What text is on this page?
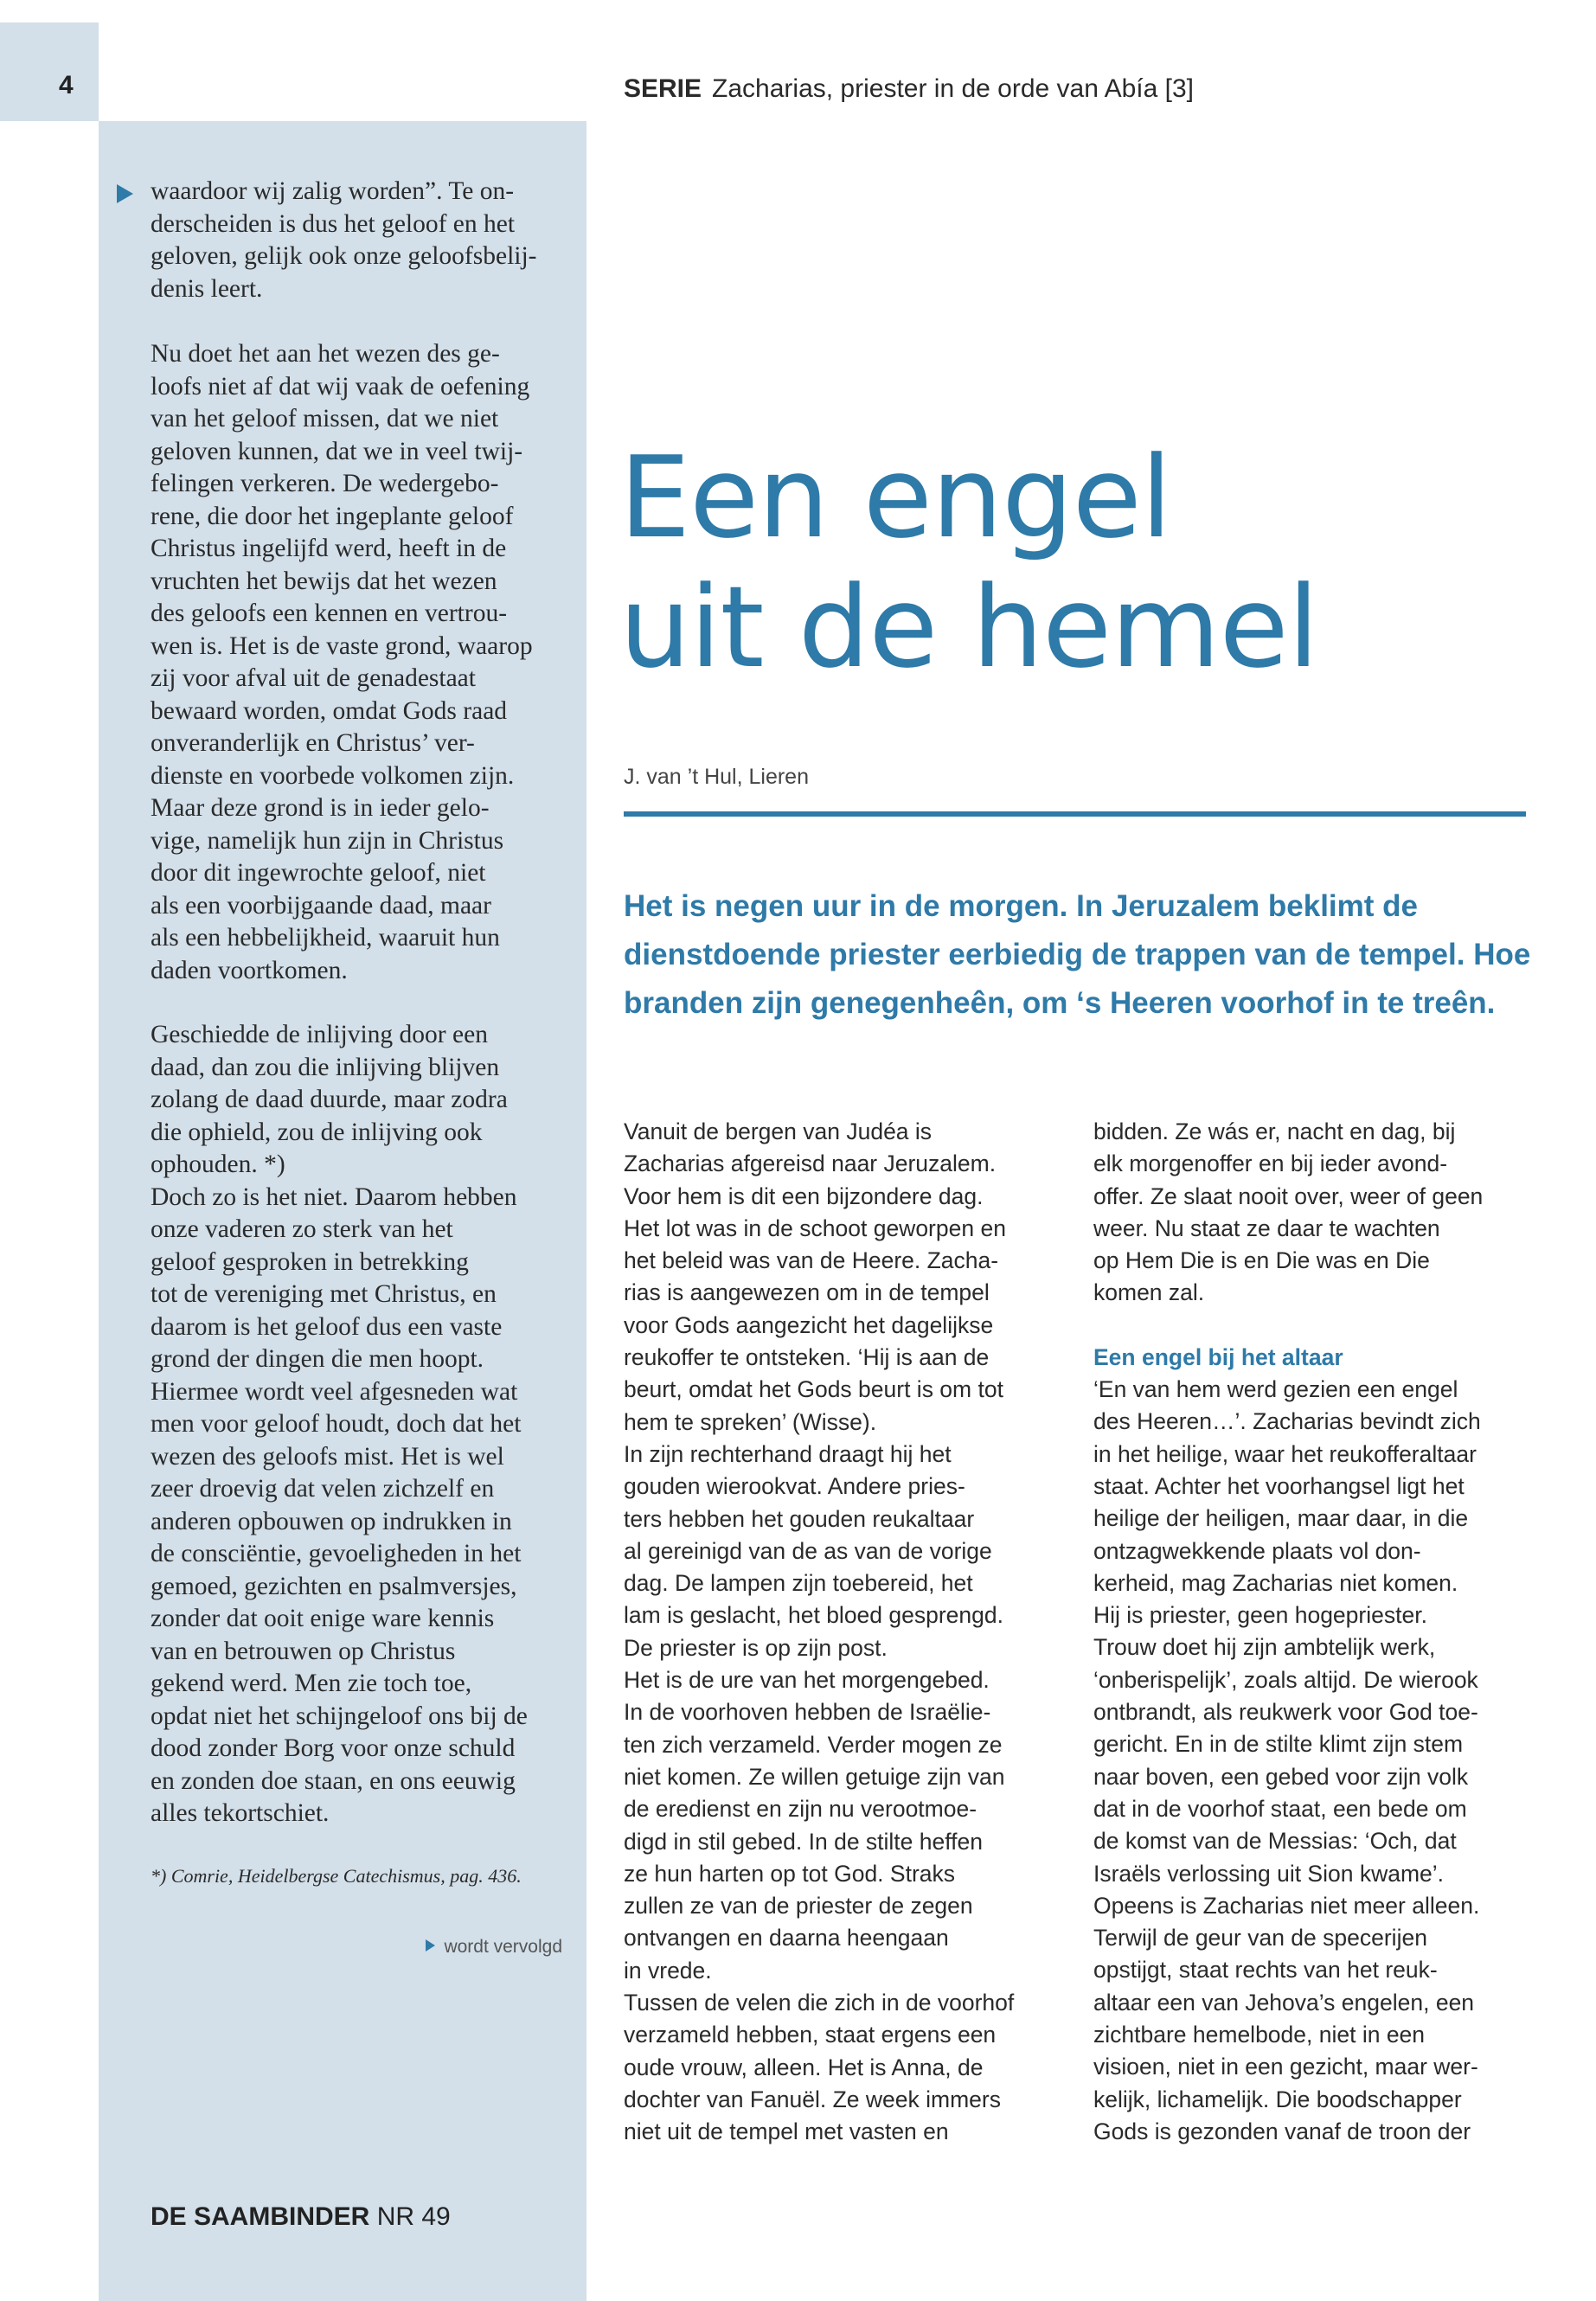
4	SERIE Zacharias, priester in de orde van Abía [3]

waardoor wij zalig worden”. Te on-

derscheiden is dus het geloof en het

geloven, gelijk ook onze geloofsbelij-

denis leert.

Nu doet het aan het wezen des ge-

loofs niet af dat wij vaak de oefening

van het geloof missen, dat we niet

geloven kunnen, dat we in veel twij-

felingen verkeren. De wedergebo-

rene, die door het ingeplante geloof

Christus ingelijfd werd, heeft in de

vruchten het bewijs dat het wezen

des geloofs een kennen en vertrou-

wen is. Het is de vaste grond, waarop

zij voor afval uit de genadestaat

bewaard worden, omdat Gods raad

onveranderlijk en Christus’ ver-

dienste en voorbede volkomen zijn.

Maar deze grond is in ieder gelo-

vige, namelijk hun zijn in Christus

door dit ingewrochte geloof, niet

als een voorbijgaande daad, maar

als een hebbelijkheid, waaruit hun

daden voortkomen.

Geschiedde de inlijving door een

daad, dan zou die inlijving blijven

zolang de daad duurde, maar zodra

die ophield, zou de inlijving ook

ophouden. *)

Doch zo is het niet. Daarom hebben

onze vaderen zo sterk van het

geloof gesproken in betrekking

tot de vereniging met Christus, en

daarom is het geloof dus een vaste

grond der dingen die men hoopt.

Hiermee wordt veel afgesneden wat

men voor geloof houdt, doch dat het

wezen des geloofs mist. Het is wel

zeer droevig dat velen zichzelf en

anderen opbouwen op indrukken in

de consciëntie, gevoeligheden in het

gemoed, gezichten en psalmversjes,

zonder dat ooit enige ware kennis

van en betrouwen op Christus

gekend werd. Men zie toch toe,

opdat niet het schijngeloof ons bij de

dood zonder Borg voor onze schuld

en zonden doe staan, en ons eeuwig

alles tekortschiet.

*) Comrie, Heidelbergse Catechismus, pag. 436.
wordt vervolgd
DE SAAMBINDER NR 49
Een engel
uit de hemel
J. van ’t Hul, Lieren

Het is negen uur in de morgen. In Jeruzalem beklimt de dienstdoende priester eerbiedig de trappen van de tempel. Hoe branden zijn genegenheên, om ‘s Heeren voorhof in te treên.

Vanuit de bergen van Judéa is

Zacharias afgereisd naar Jeruzalem.

Voor hem is dit een bijzondere dag.

Het lot was in de schoot geworpen en

het beleid was van de Heere. Zacha-

rias is aangewezen om in de tempel

voor Gods aangezicht het dagelijkse

reukoffer te ontsteken. ‘Hij is aan de

beurt, omdat het Gods beurt is om tot

hem te spreken’ (Wisse).

In zijn rechterhand draagt hij het

gouden wierookvat. Andere pries-

ters hebben het gouden reukaltaar

al gereinigd van de as van de vorige

dag. De lampen zijn toebereid, het

lam is geslacht, het bloed gesprengd.

De priester is op zijn post.

Het is de ure van het morgengebed.

In de voorhoven hebben de Israëlie-

ten zich verzameld. Verder mogen ze

niet komen. Ze willen getuige zijn van

de eredienst en zijn nu verootmoe-

digd in stil gebed. In de stilte heffen

ze hun harten op tot God. Straks

zullen ze van de priester de zegen

ontvangen en daarna heengaan

in vrede.

Tussen de velen die zich in de voorhof

verzameld hebben, staat ergens een

oude vrouw, alleen. Het is Anna, de

dochter van Fanuël. Ze week immers

niet uit de tempel met vasten en

bidden. Ze wás er, nacht en dag, bij

elk morgenoffer en bij ieder avond-

offer. Ze slaat nooit over, weer of geen

weer. Nu staat ze daar te wachten

op Hem Die is en Die was en Die

komen zal.

Een engel bij het altaar

‘En van hem werd gezien een engel

des Heeren…’. Zacharias bevindt zich

in het heilige, waar het reukofferaltaar

staat. Achter het voorhangsel ligt het

heilige der heiligen, maar daar, in die

ontzagwekkende plaats vol don-

kerheid, mag Zacharias niet komen.

Hij is priester, geen hogepriester.

Trouw doet hij zijn ambtelijk werk,

‘onberispelijk’, zoals altijd. De wierook

ontbrandt, als reukwerk voor God toe-

gericht. En in de stilte klimt zijn stem

naar boven, een gebed voor zijn volk

dat in de voorhof staat, een bede om

de komst van de Messias: ‘Och, dat

Israëls verlossing uit Sion kwame’.

Opeens is Zacharias niet meer alleen.

Terwijl de geur van de specerijen

opstijgt, staat rechts van het reuk-

altaar een van Jehova’s engelen, een

zichtbare hemelbode, niet in een

visioen, niet in een gezicht, maar wer-

kelijk, lichamelijk. Die boodschapper

Gods is gezonden vanaf de troon der
